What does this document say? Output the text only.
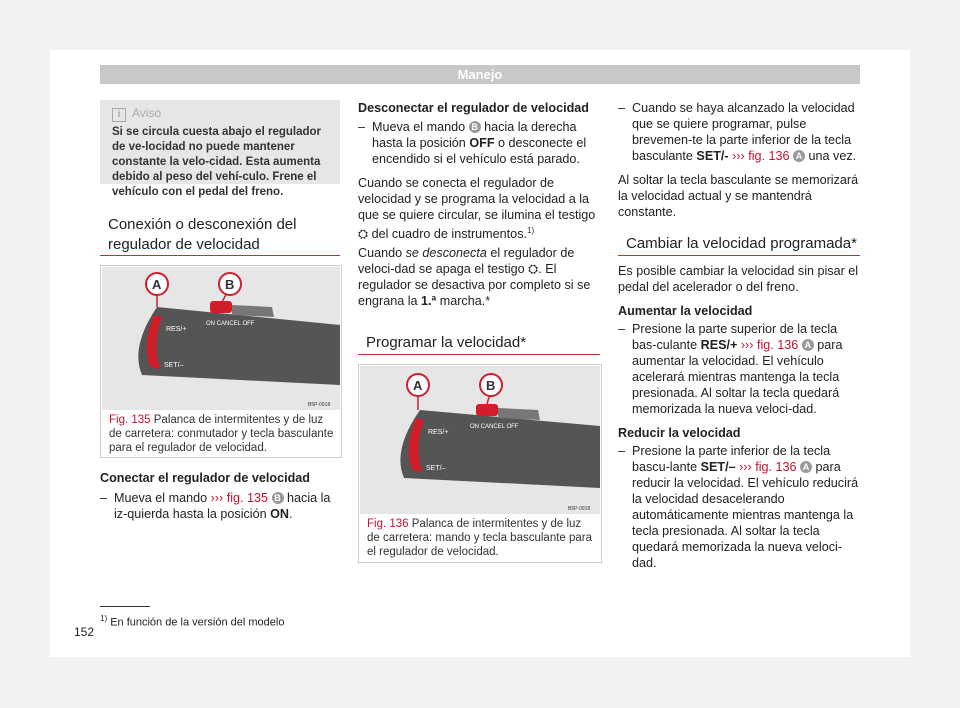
Manejo
i Aviso
Si se circula cuesta abajo el regulador de ve-locidad no puede mantener constante la velo-cidad. Esta aumenta debido al peso del vehí-culo. Frene el vehículo con el pedal del freno.
Conexión o desconexión del regulador de velocidad
ON CANCEL OFF
RES/+
SET/–
A	B
B5P-0918
Fig. 135 Palanca de intermitentes y de luz de carretera: conmutador y tecla basculante para el regulador de velocidad.
Conectar el regulador de velocidad
– Mueva el mando ››› fig. 135 B hacia la iz-quierda hasta la posición ON.
Desconectar el regulador de velocidad
– Mueva el mando B hacia la derecha hasta la posición OFF o desconecte el encendido si el vehículo está parado.
Cuando se conecta el regulador de velocidad y se programa la velocidad a la que se quiere circular, se ilumina el testigo ⛭ del cuadro de instrumentos.$^{1)}$
Cuando se desconecta el regulador de veloci-dad se apaga el testigo ⛭. El regulador se desactiva por completo si se engrana la 1.ª marcha.*
Programar la velocidad*
ON CANCEL OFF
RES/+
SET/–
A	B
B5P-0918
Fig. 136 Palanca de intermitentes y de luz de carretera: mando y tecla basculante para el regulador de velocidad.
– Cuando se haya alcanzado la velocidad que se quiere programar, pulse brevemen-te la parte inferior de la tecla basculante SET/- ››› fig. 136 A una vez.
Al soltar la tecla basculante se memorizará la velocidad actual y se mantendrá constante.
Cambiar la velocidad programada*
Es posible cambiar la velocidad sin pisar el pedal del acelerador o del freno.
Aumentar la velocidad
– Presione la parte superior de la tecla bas-culante RES/+ ››› fig. 136 A para aumentar la velocidad. El vehículo acelerará mientras mantenga la tecla presionada. Al soltar la tecla quedará memorizada la nueva veloci-dad.
Reducir la velocidad
– Presione la parte inferior de la tecla bascu-lante SET/– ››› fig. 136 A para reducir la velocidad. El vehículo reducirá la velocidad desacelerando automáticamente mientras mantenga la tecla presionada. Al soltar la tecla quedará memorizada la nueva veloci-dad.
$^{1)}$ En función de la versión del modelo
152
